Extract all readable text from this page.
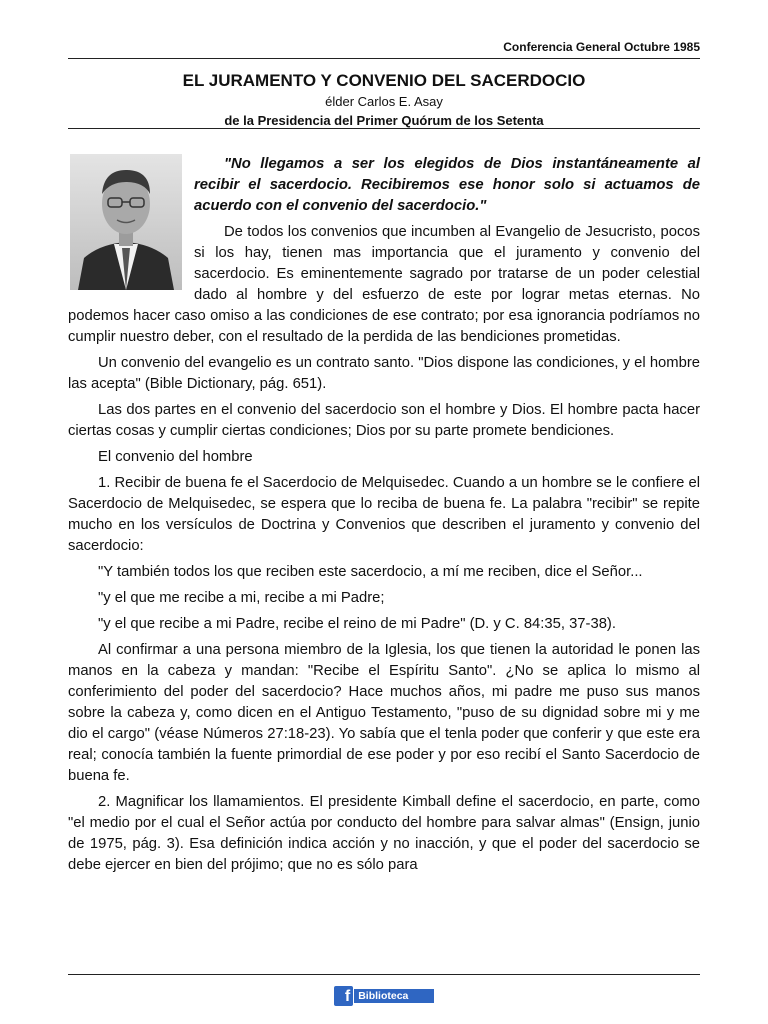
Conferencia General Octubre 1985

EL JURAMENTO Y CONVENIO DEL SACERDOCIO

élder Carlos E. Asay

de la Presidencia del Primer Quórum de los Setenta

"No llegamos a ser los elegidos de Dios instantáneamente al recibir el sacerdocio. Recibiremos ese honor solo si actuamos de acuerdo con el convenio del sacerdocio."

De todos los convenios que incumben al Evangelio de Jesucristo, pocos si los hay, tienen mas importancia que el juramento y convenio del sacerdocio. Es eminentemente sagrado por tratarse de un poder celestial dado al hombre y del esfuerzo de este por lograr metas eternas. No podemos hacer caso omiso a las condiciones de ese contrato; por esa ignorancia podríamos no cumplir nuestro deber, con el resultado de la perdida de las bendiciones prometidas.

Un convenio del evangelio es un contrato santo. "Dios dispone las condiciones, y el hombre las acepta" (Bible Dictionary, pág. 651).

Las dos partes en el convenio del sacerdocio son el hombre y Dios. El hombre pacta hacer ciertas cosas y cumplir ciertas condiciones; Dios por su parte promete bendiciones.

El convenio del hombre

1. Recibir de buena fe el Sacerdocio de Melquisedec. Cuando a un hombre se le confiere el Sacerdocio de Melquisedec, se espera que lo reciba de buena fe. La palabra "recibir" se repite mucho en los versículos de Doctrina y Convenios que describen el juramento y convenio del sacerdocio:

"Y también todos los que reciben este sacerdocio, a mí me reciben, dice el Señor...

"y el que me recibe a mi, recibe a mi Padre;

"y el que recibe a mi Padre, recibe el reino de mi Padre" (D. y C. 84:35, 37-38).

Al confirmar a una persona miembro de la Iglesia, los que tienen la autoridad le ponen las manos en la cabeza y mandan: "Recibe el Espíritu Santo". ¿No se aplica lo mismo al conferimiento del poder del sacerdocio? Hace muchos años, mi padre me puso sus manos sobre la cabeza y, como dicen en el Antiguo Testamento, "puso de su dignidad sobre mi y me dio el cargo" (véase Números 27:18-23). Yo sabía que el tenla poder que conferir y que este era real; conocía también la fuente primordial de ese poder y por eso recibí el Santo Sacerdocio de buena fe.

2. Magnificar los llamamientos. El presidente Kimball define el sacerdocio, en parte, como "el medio por el cual el Señor actúa por conducto del hombre para salvar almas" (Ensign, junio de 1975, pág. 3). Esa definición indica acción y no inacción, y que el poder del sacerdocio se debe ejercer en bien del prójimo; que no es sólo para

f Biblioteca SUD
